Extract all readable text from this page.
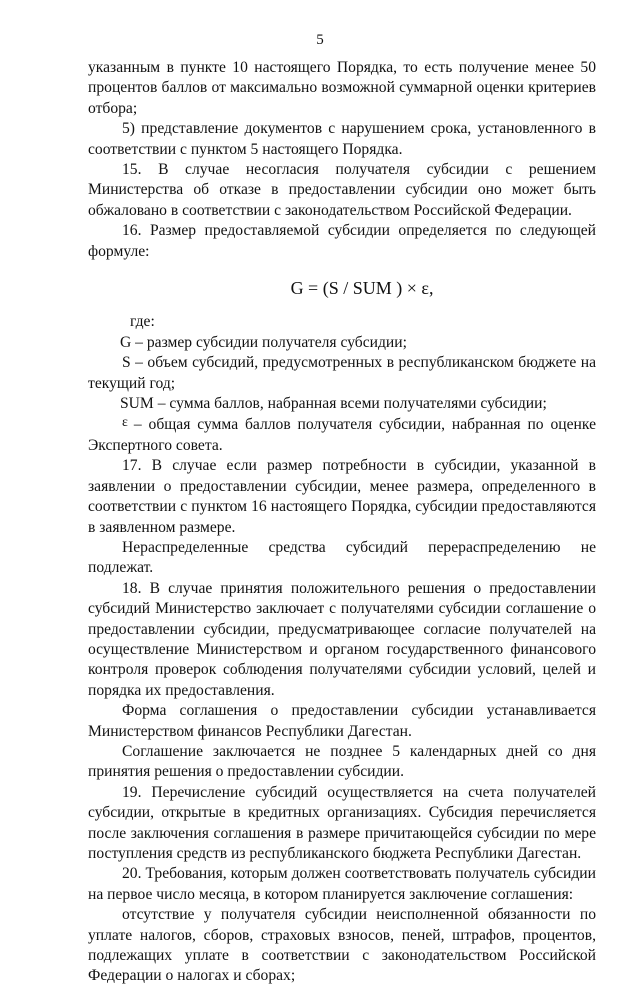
5

указанным в пункте 10 настоящего Порядка, то есть получение менее 50 процентов баллов от максимально возможной суммарной оценки критериев отбора;

5) представление документов с нарушением срока, установленного в соответствии с пунктом 5 настоящего Порядка.

15. В случае несогласия получателя субсидии с решением Министерства об отказе в предоставлении субсидии оно может быть обжаловано в соответствии с законодательством Российской Федерации.

16. Размер предоставляемой субсидии определяется по следующей формуле:

G = (S / SUM ) × ε,

где:

G – размер субсидии получателя субсидии;

S – объем субсидий, предусмотренных в республиканском бюджете на текущий год;

SUM – сумма баллов, набранная всеми получателями субсидии;

ε – общая сумма баллов получателя субсидии, набранная по оценке Экспертного совета.

17. В случае если размер потребности в субсидии, указанной в заявлении о предоставлении субсидии, менее размера, определенного в соответствии с пунктом 16 настоящего Порядка, субсидии предоставляются в заявленном размере.

Нераспределенные средства субсидий перераспределению не подлежат.

18. В случае принятия положительного решения о предоставлении субсидий Министерство заключает с получателями субсидии соглашение о предоставлении субсидии, предусматривающее согласие получателей на осуществление Министерством и органом государственного финансового контроля проверок соблюдения получателями субсидии условий, целей и порядка их предоставления.

Форма соглашения о предоставлении субсидии устанавливается Министерством финансов Республики Дагестан.

Соглашение заключается не позднее 5 календарных дней со дня принятия решения о предоставлении субсидии.

19. Перечисление субсидий осуществляется на счета получателей субсидии, открытые в кредитных организациях. Субсидия перечисляется после заключения соглашения в размере причитающейся субсидии по мере поступления средств из республиканского бюджета Республики Дагестан.

20. Требования, которым должен соответствовать получатель субсидии на первое число месяца, в котором планируется заключение соглашения:

отсутствие у получателя субсидии неисполненной обязанности по уплате налогов, сборов, страховых взносов, пеней, штрафов, процентов, подлежащих уплате в соответствии с законодательством Российской Федерации о налогах и сборах;
